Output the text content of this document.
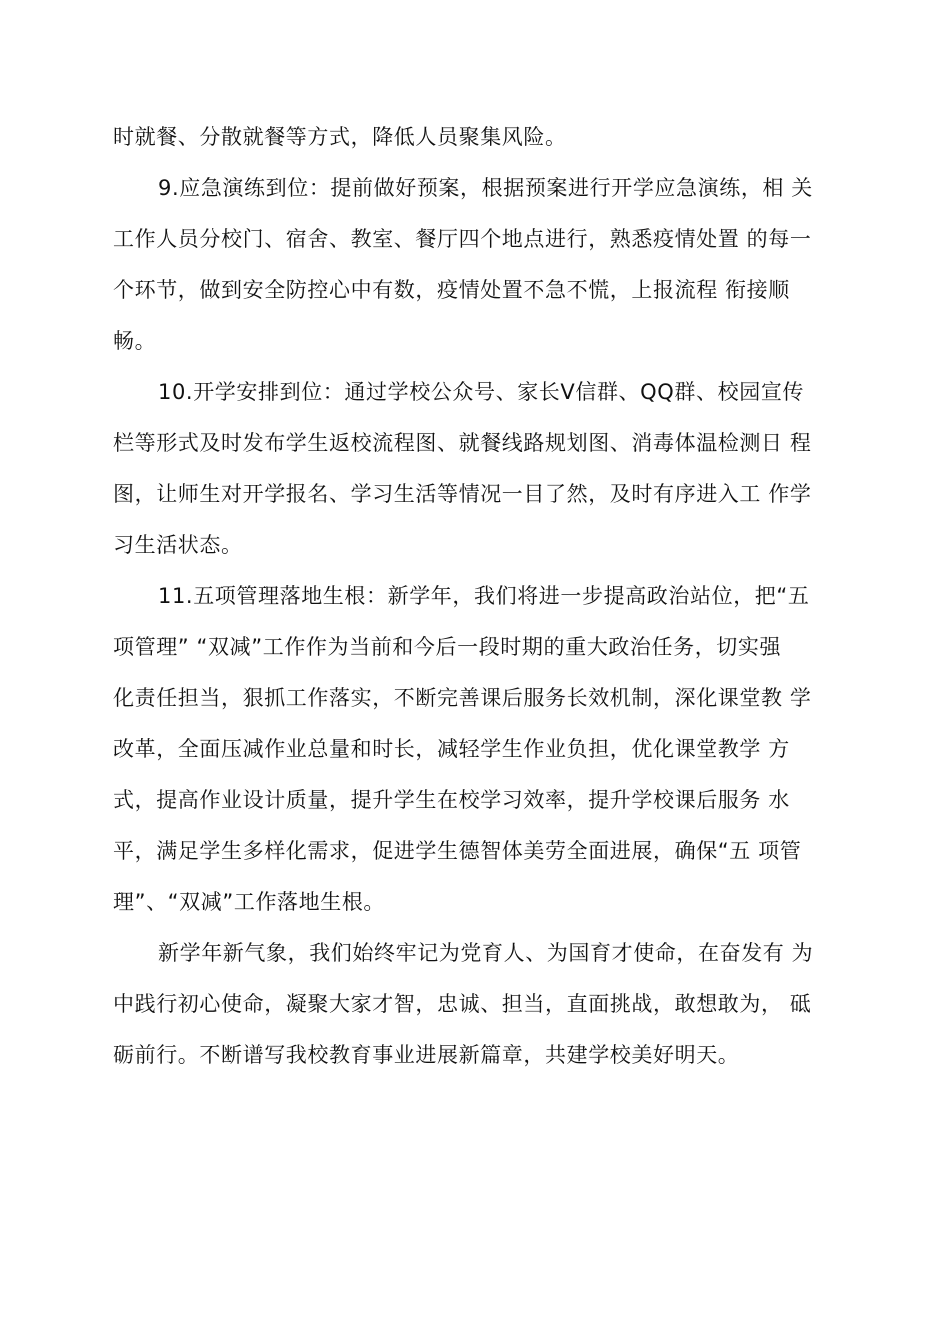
时就餐、分散就餐等方式，降低人员聚集风险。
9.应急演练到位：提前做好预案，根据预案进行开学应急演练，相 关
工作人员分校门、宿舍、教室、餐厅四个地点进行，熟悉疫情处置 的每一
个环节，做到安全防控心中有数，疫情处置不急不慌，上报流程 衔接顺
畅。
10.开学安排到位：通过学校公众号、家长V信群、QQ群、校园宣传
栏等形式及时发布学生返校流程图、就餐线路规划图、消毒体温检测日 程
图，让师生对开学报名、学习生活等情况一目了然，及时有序进入工 作学
习生活状态。
11.五项管理落地生根：新学年，我们将进一步提高政治站位，把“五
项管理” “双减”工作作为当前和今后一段时期的重大政治任务，切实强
化责任担当，狠抓工作落实，不断完善课后服务长效机制，深化课堂教 学
改革，全面压减作业总量和时长，减轻学生作业负担，优化课堂教学 方
式，提高作业设计质量，提升学生在校学习效率，提升学校课后服务 水
平，满足学生多样化需求，促进学生德智体美劳全面进展，确保“五 项管
理”、“双减”工作落地生根。
新学年新气象，我们始终牢记为党育人、为国育才使命，在奋发有 为
中践行初心使命，凝聚大家才智，忠诚、担当，直面挑战，敢想敢为， 砥
砺前行。不断谱写我校教育事业进展新篇章，共建学校美好明天。
